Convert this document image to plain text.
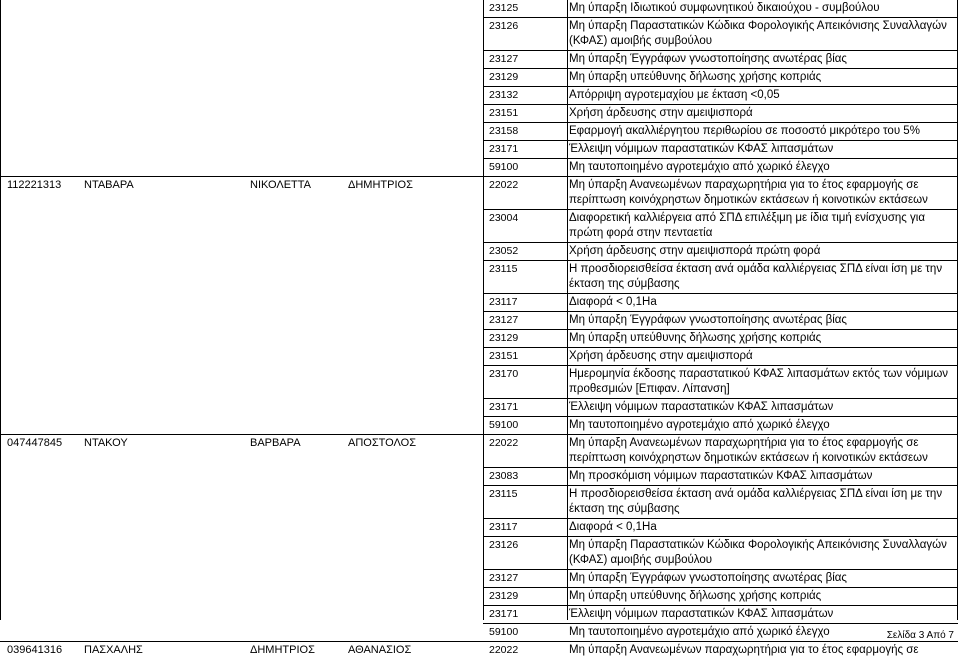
				23125	Μη ύπαρξη Ιδιωτικού συμφωνητικού δικαιούχου - συμβούλου
				23126	Μη ύπαρξη Παραστατικών Κώδικα Φορολογικής Απεικόνισης Συναλλαγών (ΚΦΑΣ) αμοιβής συμβούλου
				23127	Μη ύπαρξη Έγγράφων γνωστοποίησης ανωτέρας βίας
				23129	Μη ύπαρξη υπεύθυνης δήλωσης χρήσης κοπριάς
				23132	Απόρριψη αγροτεμαχίου με έκταση <0,05
				23151	Χρήση άρδευσης στην αμειψισπορά
				23158	Εφαρμογή ακαλλιέργητου περιθωρίου σε ποσοστό μικρότερο του 5%
				23171	Έλλειψη νόμιμων παραστατικών ΚΦΑΣ λιπασμάτων
				59100	Μη ταυτοποιημένο αγροτεμάχιο από χωρικό έλεγχο
112221313	ΝΤΑΒΑΡΑ	ΝΙΚΟΛΕΤΤΑ	ΔΗΜΗΤΡΙΟΣ	22022	Μη ύπαρξη Ανανεωμένων παραχωρητήρια για το έτος εφαρμογής σε περίπτωση κοινόχρηστων δημοτικών εκτάσεων ή κοινοτικών εκτάσεων
				23004	Διαφορετική καλλιέργεια από ΣΠΔ επιλέξιμη με ίδια τιμή ενίσχυσης για πρώτη φορά στην πενταετία
				23052	Χρήση άρδευσης στην αμειψισπορά πρώτη φορά
				23115	Η προσδιορεισθείσα έκταση ανά ομάδα καλλιέργειας ΣΠΔ είναι ίση με την έκταση της σύμβασης
				23117	Διαφορά < 0,1Ha
				23127	Μη ύπαρξη Έγγράφων γνωστοποίησης ανωτέρας βίας
				23129	Μη ύπαρξη υπεύθυνης δήλωσης χρήσης κοπριάς
				23151	Χρήση άρδευσης στην αμειψισπορά
				23170	Ημερομηνία έκδοσης παραστατικού ΚΦΑΣ λιπασμάτων εκτός των νόμιμων προθεσμιών [Επιφαν. Λίπανση]
				23171	Έλλειψη νόμιμων παραστατικών ΚΦΑΣ λιπασμάτων
				59100	Μη ταυτοποιημένο αγροτεμάχιο από χωρικό έλεγχο
047447845	ΝΤΑΚΟΥ	ΒΑΡΒΑΡΑ	ΑΠΟΣΤΟΛΟΣ	22022	Μη ύπαρξη Ανανεωμένων παραχωρητήρια για το έτος εφαρμογής σε περίπτωση κοινόχρηστων δημοτικών εκτάσεων ή κοινοτικών εκτάσεων
				23083	Μη προσκόμιση νόμιμων παραστατικών ΚΦΑΣ λιπασμάτων
				23115	Η προσδιορεισθείσα έκταση ανά ομάδα καλλιέργειας ΣΠΔ είναι ίση με την έκταση της σύμβασης
				23117	Διαφορά < 0,1Ha
				23126	Μη ύπαρξη Παραστατικών Κώδικα Φορολογικής Απεικόνισης Συναλλαγών (ΚΦΑΣ) αμοιβής συμβούλου
				23127	Μη ύπαρξη Έγγράφων γνωστοποίησης ανωτέρας βίας
				23129	Μη ύπαρξη υπεύθυνης δήλωσης χρήσης κοπριάς
				23171	Έλλειψη νόμιμων παραστατικών ΚΦΑΣ λιπασμάτων
				59100	Μη ταυτοποιημένο αγροτεμάχιο από χωρικό έλεγχο
039641316	ΠΑΣΧΑΛΗΣ	ΔΗΜΗΤΡΙΟΣ	ΑΘΑΝΑΣΙΟΣ	22022	Μη ύπαρξη Ανανεωμένων παραχωρητήρια για το έτος εφαρμογής σε
Σελίδα 3 Από 7
